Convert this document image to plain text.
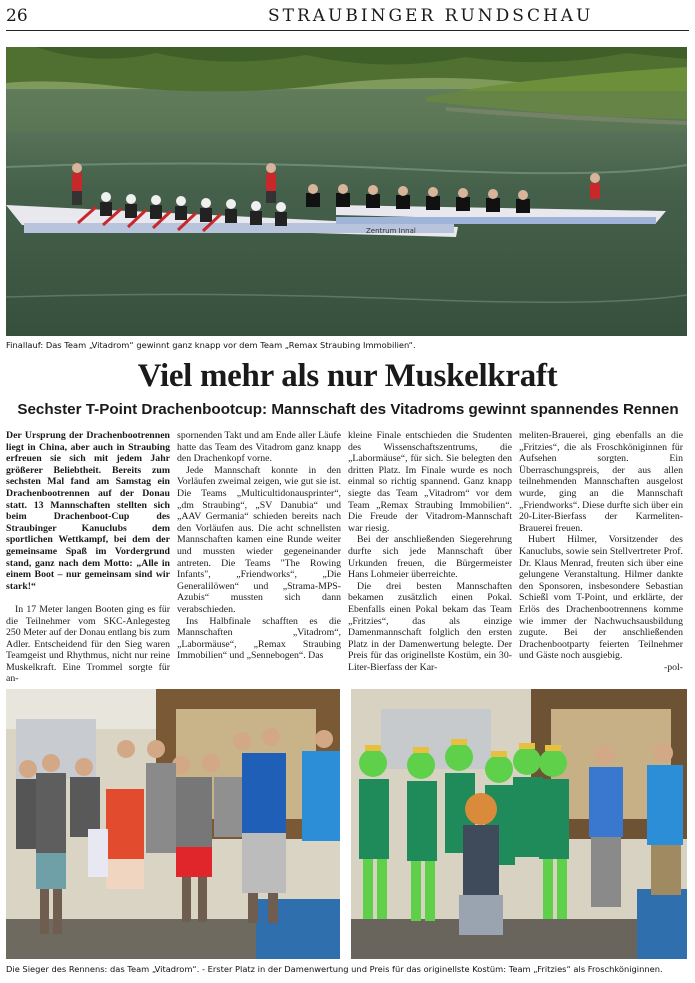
26	STRAUBINGER RUNDSCHAU
Zentrum Innal
Finallauf: Das Team „Vitadrom“ gewinnt ganz knapp vor dem Team „Remax Straubing Immobilien“.
Viel mehr als nur Muskelkraft
Sechster T-Point Drachenbootcup: Mannschaft des Vitadroms gewinnt spannendes Rennen

Der Ursprung der Drachenbootrennen liegt in China, aber auch in Straubing erfreuen sie sich mit jedem Jahr größerer Beliebtheit. Bereits zum sechsten Mal fand am Samstag ein Drachenbootrennen auf der Donau statt. 13 Mannschaften stellten sich beim Drachenboot-Cup des Straubinger Kanuclubs dem sportlichen Wettkampf, bei dem der gemeinsame Spaß im Vordergrund stand, ganz nach dem Motto: „Alle in einem Boot – nur gemeinsam sind wir stark!“

In 17 Meter langen Booten ging es für die Teilnehmer vom SKC-Anlegesteg 250 Meter auf der Donau entlang bis zum Adler. Entscheidend für den Sieg waren Teamgeist und Rhythmus, nicht nur reine Muskelkraft. Eine Trommel sorgte für an-

spornenden Takt und am Ende aller Läufe hatte das Team des Vitadrom ganz knapp den Drachenkopf vorne.

Jede Mannschaft konnte in den Vorläufen zweimal zeigen, wie gut sie ist. Die Teams „Multicultidonausprinter“, „dm Straubing“, „SV Danubia“ und „AAV Germania“ schieden bereits nach den Vorläufen aus. Die acht schnellsten Mannschaften kamen eine Runde weiter und mussten wieder gegeneinander antreten. Die Teams "The Rowing Infants", „Friendworks“, „Die Generalilöwen“ und „Strama-MPS-Azubis“ mussten sich dann verabschieden.

Ins Halbfinale schafften es die Mannschaften „Vitadrom“, „Labormäuse“, „Remax Straubing Immobilien“ und „Sennebogen“. Das

kleine Finale entschieden die Studenten des Wissenschaftszentrums, die „Labormäuse“, für sich. Sie belegten den dritten Platz. Im Finale wurde es noch einmal so richtig spannend. Ganz knapp siegte das Team „Vitadrom“ vor dem Team „Remax Straubing Immobilien“. Die Freude der Vitadrom-Mannschaft war riesig.

Bei der anschließenden Siegerehrung durfte sich jede Mannschaft über Urkunden freuen, die Bürgermeister Hans Lohmeier überreichte.

Die drei besten Mannschaften bekamen zusätzlich einen Pokal. Ebenfalls einen Pokal bekam das Team „Fritzies“, das als einzige Damenmannschaft folglich den ersten Platz in der Damenwertung belegte. Der Preis für das originellste Kostüm, ein 30-Liter-Bierfass der Kar-

meliten-Brauerei, ging ebenfalls an die „Fritzies“, die als Froschköniginnen für Aufsehen sorgten. Ein Überraschungspreis, der aus allen teilnehmenden Mannschaften ausgelost wurde, ging an die Mannschaft „Friendworks“. Diese durfte sich über ein 20-Liter-Bierfass der Karmeliten-Brauerei freuen.

Hubert Hilmer, Vorsitzender des Kanuclubs, sowie sein Stellvertreter Prof. Dr. Klaus Menrad, freuten sich über eine gelungene Veranstaltung. Hilmer dankte den Sponsoren, insbesondere Sebastian Schießl vom T-Point, und erklärte, der Erlös des Drachenbootrennens komme wie immer der Nachwuchsausbildung zugute. Bei der anschließenden Drachenbootparty feierten Teilnehmer und Gäste noch ausgiebig.

-pol-

Die Sieger des Rennens: das Team „Vitadrom“. - Erster Platz in der Damenwertung und Preis für das originellste Kostüm: Team „Fritzies“ als Froschköniginnen.
